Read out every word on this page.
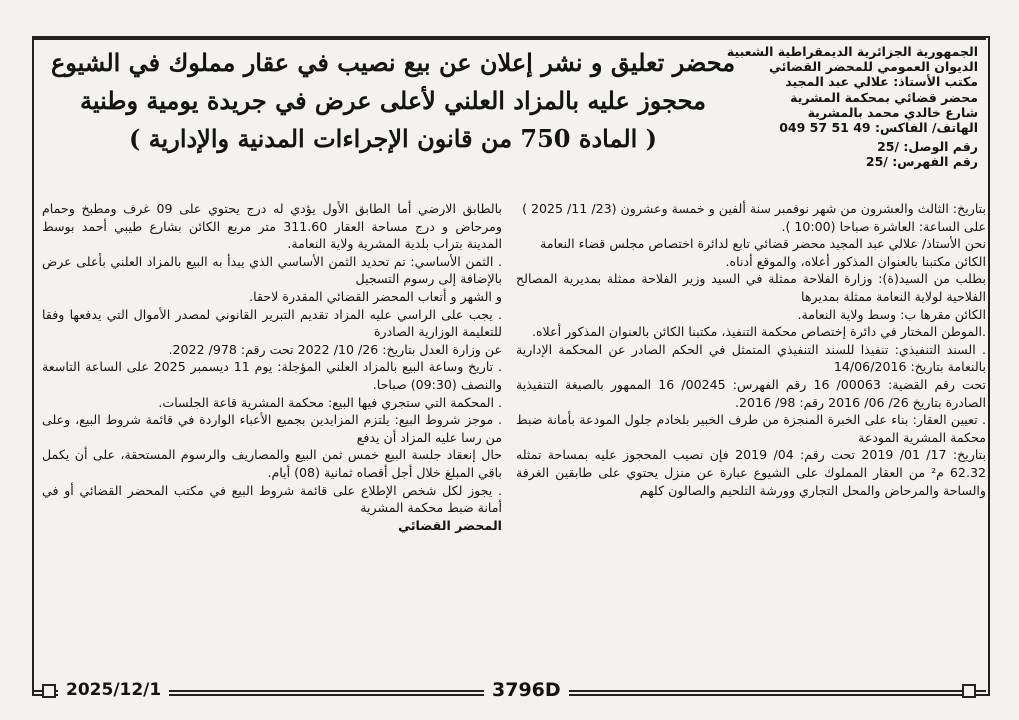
الجمهورية الجزائرية الديمقراطية الشعبية
الديوان العمومي للمحضر القضائي
مكتب الأستاذ: علالي عبد المجيد
محضر قضائي بمحكمة المشرية
شارع خالدي محمد بالمشرية
الهاتف/ الفاكس: 49 51 57 049
رقم الوصل: /25
رقم الفهرس: /25
محضر تعليق و نشر إعلان عن بيع نصيب في عقار مملوك في الشيوع
محجوز عليه بالمزاد العلني لأعلى عرض في جريدة يومية وطنية
( المادة 750 من قانون الإجراءات المدنية والإدارية )

بتاريخ: الثالث والعشرون من شهر نوفمبر سنة ألفين و خمسة وعشرون (23/ 11/ 2025 )

على الساعة: العاشرة صباحا (10:00 ).

نحن الأستاذ/ علالي عبد المجيد محضر قضائي تابع لدائرة اختصاص مجلس قضاء النعامة

الكائن مكتبنا بالعنوان المذكور أعلاه، والموقع أدناه.

بطلب من السيد(ة): وزارة الفلاحة ممثلة في السيد وزير الفلاحة ممثلة بمديرية المصالح الفلاحية لولاية النعامة ممثلة بمديرها

الكائن مقرها ب: وسط ولاية النعامة.

.الموطن المختار في دائرة إختصاص محكمة التنفيذ، مكتبنا الكائن بالعنوان المذكور أعلاه.

. السند التنفيذي: تنفيذا للسند التنفيذي المتمثل في الحكم الصادر عن المحكمة الإدارية بالنعامة بتاريخ: 14/06/2016

تحت رقم القضية: 00063/ 16 رقم الفهرس: 00245/ 16 الممهور بالصيغة التنفيذية الصادرة بتاريخ 26/ 06/ 2016 رقم: 98/ 2016.

. تعيين العقار: بناء على الخبرة المنجزة من طرف الخبير بلخادم جلول المودعة بأمانة ضبط محكمة المشرية المودعة

بتاريخ: 17/ 01/ 2019 تحت رقم: 04/ 2019 فإن نصيب المحجوز عليه بمساحة تمثله 62.32 م² من العقار المملوك على الشيوع عبارة عن منزل يحتوي على طابقين الغرفة والساحة والمرحاض والمحل التجاري وورشة التلحيم والصالون كلهم

بالطابق الارضي أما الطابق الأول يؤدي له درج يحتوي على 09 غرف ومطبخ وحمام ومرحاض و درج مساحة العقار 311.60 متر مربع الكائن بشارع طيبي أحمد بوسط المدينة بتراب بلدية المشرية ولاية النعامة.

. الثمن الأساسي: تم تحديد الثمن الأساسي الذي يبدأ به البيع بالمزاد العلني بأعلى عرض بالإضافة إلى رسوم التسجيل

و الشهر و أتعاب المحضر القضائي المقدرة لاحقا.

. يجب على الراسي عليه المزاد تقديم التبرير القانوني لمصدر الأموال التي يدفعها وفقا للتعليمة الوزارية الصادرة

عن وزارة العدل بتاريخ: 26/ 10/ 2022 تحت رقم: 978/ 2022.

. تاريخ وساعة البيع بالمزاد العلني المؤجلة: يوم 11 ديسمبر 2025 على الساعة التاسعة والنصف (09:30) صباحا.

. المحكمة التي ستجري فيها البيع: محكمة المشرية قاعة الجلسات.

. موجز شروط البيع: يلتزم المزايدين بجميع الأعباء الواردة في قائمة شروط البيع، وعلى من رسا عليه المزاد أن يدفع

حال إنعقاد جلسة البيع خمس ثمن البيع والمصاريف والرسوم المستحقة، على أن يكمل باقي المبلغ خلال أجل أقصاه ثمانية (08) أيام.

. يجوز لكل شخص الإطلاع على قائمة شروط البيع في مكتب المحضر القضائي أو في أمانة ضبط محكمة المشرية

المحضر القضائي

2025/12/1	3796D
